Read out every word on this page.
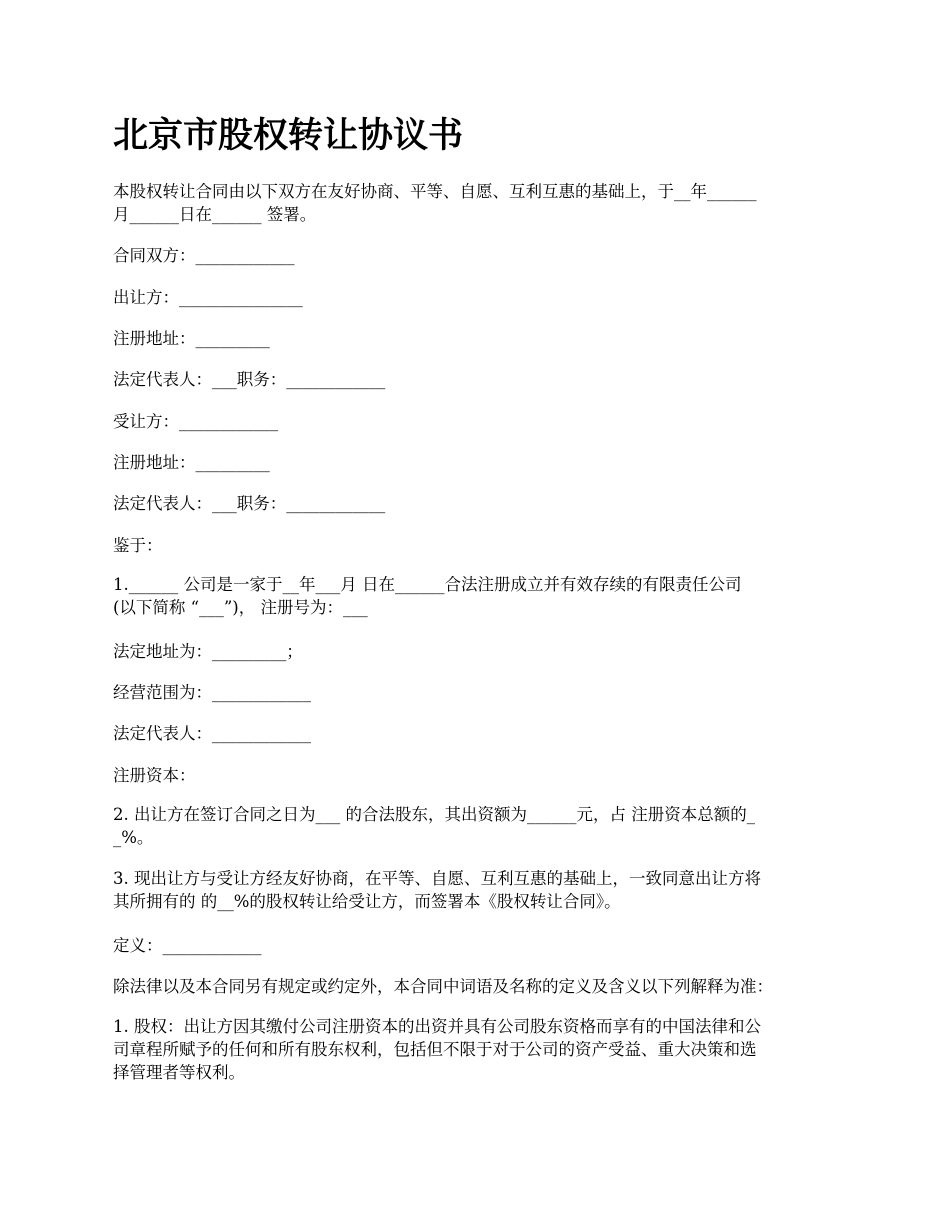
北京市股权转让协议书

本股权转让合同由以下双方在友好协商、平等、自愿、互利互惠的基础上，于__年______
月______日在______ 签署。

合同双方：____________

出让方：_______________

注册地址：_________

法定代表人：___职务：____________

受让方：____________

注册地址：_________

法定代表人：___职务：____________

鉴于：

1.______ 公司是一家于__年___月 日在______合法注册成立并有效存续的有限责任公司
(以下简称 “___”)， 注册号为：___

法定地址为：_________；

经营范围为：____________

法定代表人：____________

注册资本：

2. 出让方在签订合同之日为___ 的合法股东，其出资额为______元，占 注册资本总额的_
_%。

3. 现出让方与受让方经友好协商，在平等、自愿、互利互惠的基础上，一致同意出让方将
其所拥有的 的__%的股权转让给受让方，而签署本《股权转让合同》。

定义：____________

除法律以及本合同另有规定或约定外，本合同中词语及名称的定义及含义以下列解释为准：

1. 股权：出让方因其缴付公司注册资本的出资并具有公司股东资格而享有的中国法律和公
司章程所赋予的任何和所有股东权利，包括但不限于对于公司的资产受益、重大决策和选
择管理者等权利。
